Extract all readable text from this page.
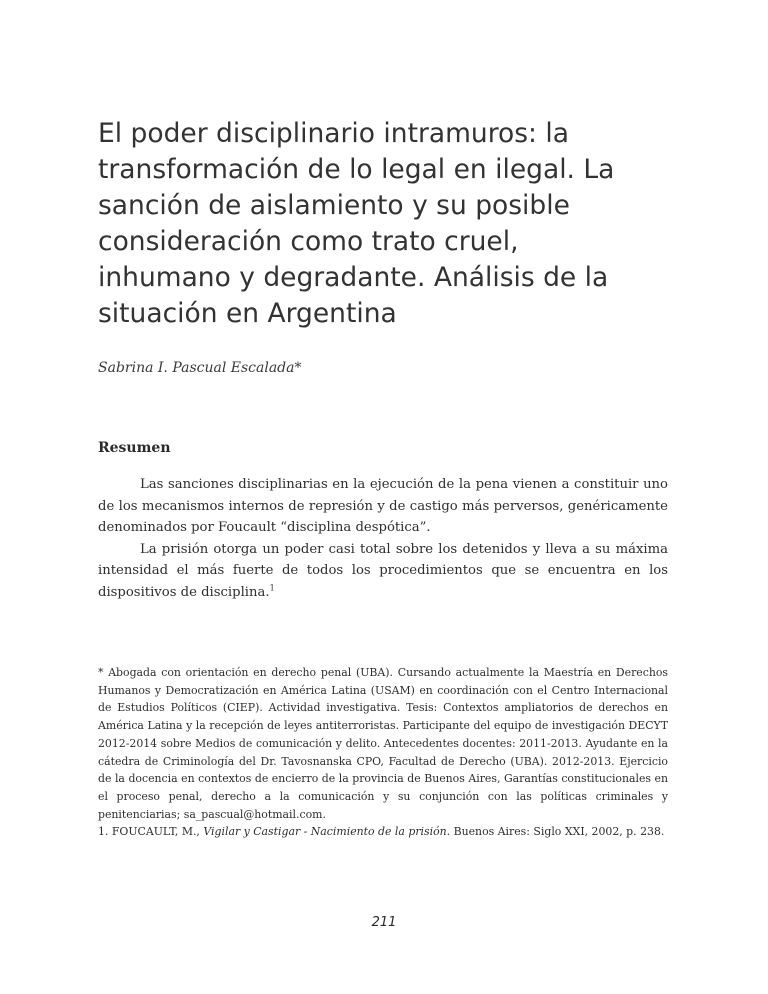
El poder disciplinario intramuros: la
transformación de lo legal en ilegal. La
sanción de aislamiento y su posible
consideración como trato cruel,
inhumano y degradante. Análisis de la
situación en Argentina

Sabrina I. Pascual Escalada*

Resumen

Las sanciones disciplinarias en la ejecución de la pena vienen a constituir uno de los mecanismos internos de represión y de castigo más perversos, genéricamente denominados por Foucault “disciplina despótica”.

La prisión otorga un poder casi total sobre los detenidos y lleva a su máxima intensidad el más fuerte de todos los procedimientos que se encuentra en los dispositivos de disciplina.$^1$

* Abogada con orientación en derecho penal (UBA). Cursando actualmente la Maestría en Derechos Humanos y Democratización en América Latina (USAM) en coordinación con el Centro Internacional de Estudios Políticos (CIEP). Actividad investigativa. Tesis: Contextos ampliatorios de derechos en América Latina y la recepción de leyes antiterroristas. Participante del equipo de investigación DECYT 2012-2014 sobre Medios de comunicación y delito. Antecedentes docentes: 2011-2013. Ayudante en la cátedra de Criminología del Dr. Tavosnanska CPO, Facultad de Derecho (UBA). 2012-2013. Ejercicio de la docencia en contextos de encierro de la provincia de Buenos Aires, Garantías constitucionales en el proceso penal, derecho a la comunicación y su conjunción con las políticas criminales y penitenciarias; sa_pascual@hotmail.com.

1. FOUCAULT, M., Vigilar y Castigar - Nacimiento de la prisión. Buenos Aires: Siglo XXI, 2002, p. 238.

211
